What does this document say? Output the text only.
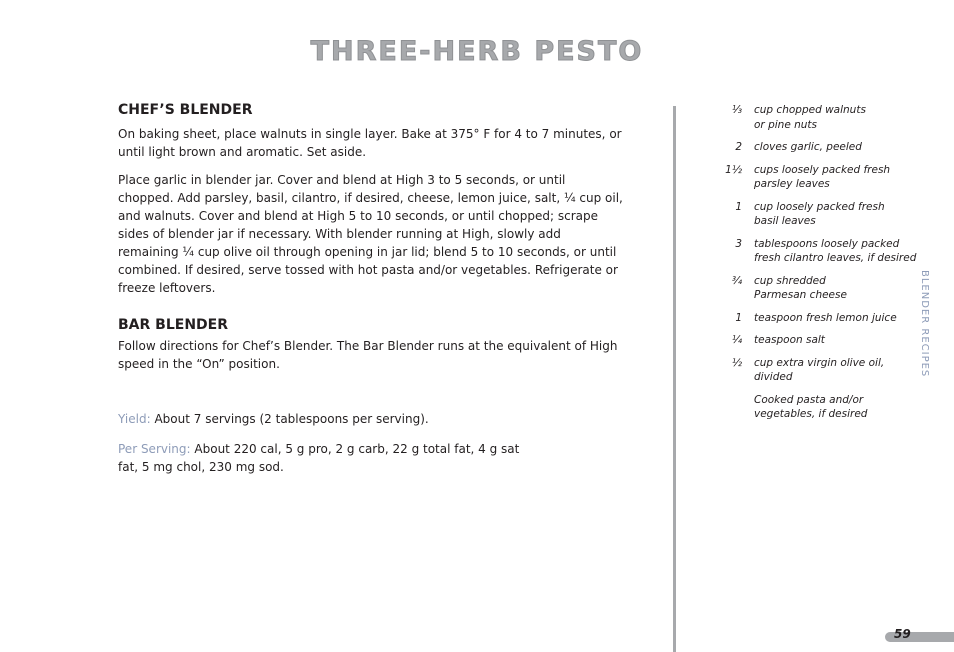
THREE-HERB PESTO
CHEF’S BLENDER

On baking sheet, place walnuts in single layer. Bake at 375° F for 4 to 7 minutes, or until light brown and aromatic. Set aside.

Place garlic in blender jar. Cover and blend at High 3 to 5 seconds, or until chopped. Add parsley, basil, cilantro, if desired, cheese, lemon juice, salt, ¼ cup oil, and walnuts. Cover and blend at High 5 to 10 seconds, or until chopped; scrape sides of blender jar if necessary. With blender running at High, slowly add remaining ¼ cup olive oil through opening in jar lid; blend 5 to 10 seconds, or until combined. If desired, serve tossed with hot pasta and/or vegetables. Refrigerate or freeze leftovers.

BAR BLENDER

Follow directions for Chef’s Blender. The Bar Blender runs at the equivalent of High speed in the “On” position.

Yield: About 7 servings (2 tablespoons per serving).
Per Serving: About 220 cal, 5 g pro, 2 g carb, 22 g total fat, 4 g sat fat, 5 mg chol, 230 mg sod.
⅓ cup chopped walnuts
or pine nuts
2 cloves garlic, peeled
1½ cups loosely packed fresh
parsley leaves
1 cup loosely packed fresh
basil leaves
3 tablespoons loosely packed
fresh cilantro leaves, if desired
¾ cup shredded
Parmesan cheese
1 teaspoon fresh lemon juice
¼ teaspoon salt
½ cup extra virgin olive oil,
divided
Cooked pasta and/or
vegetables, if desired
BLENDER RECIPES
59
